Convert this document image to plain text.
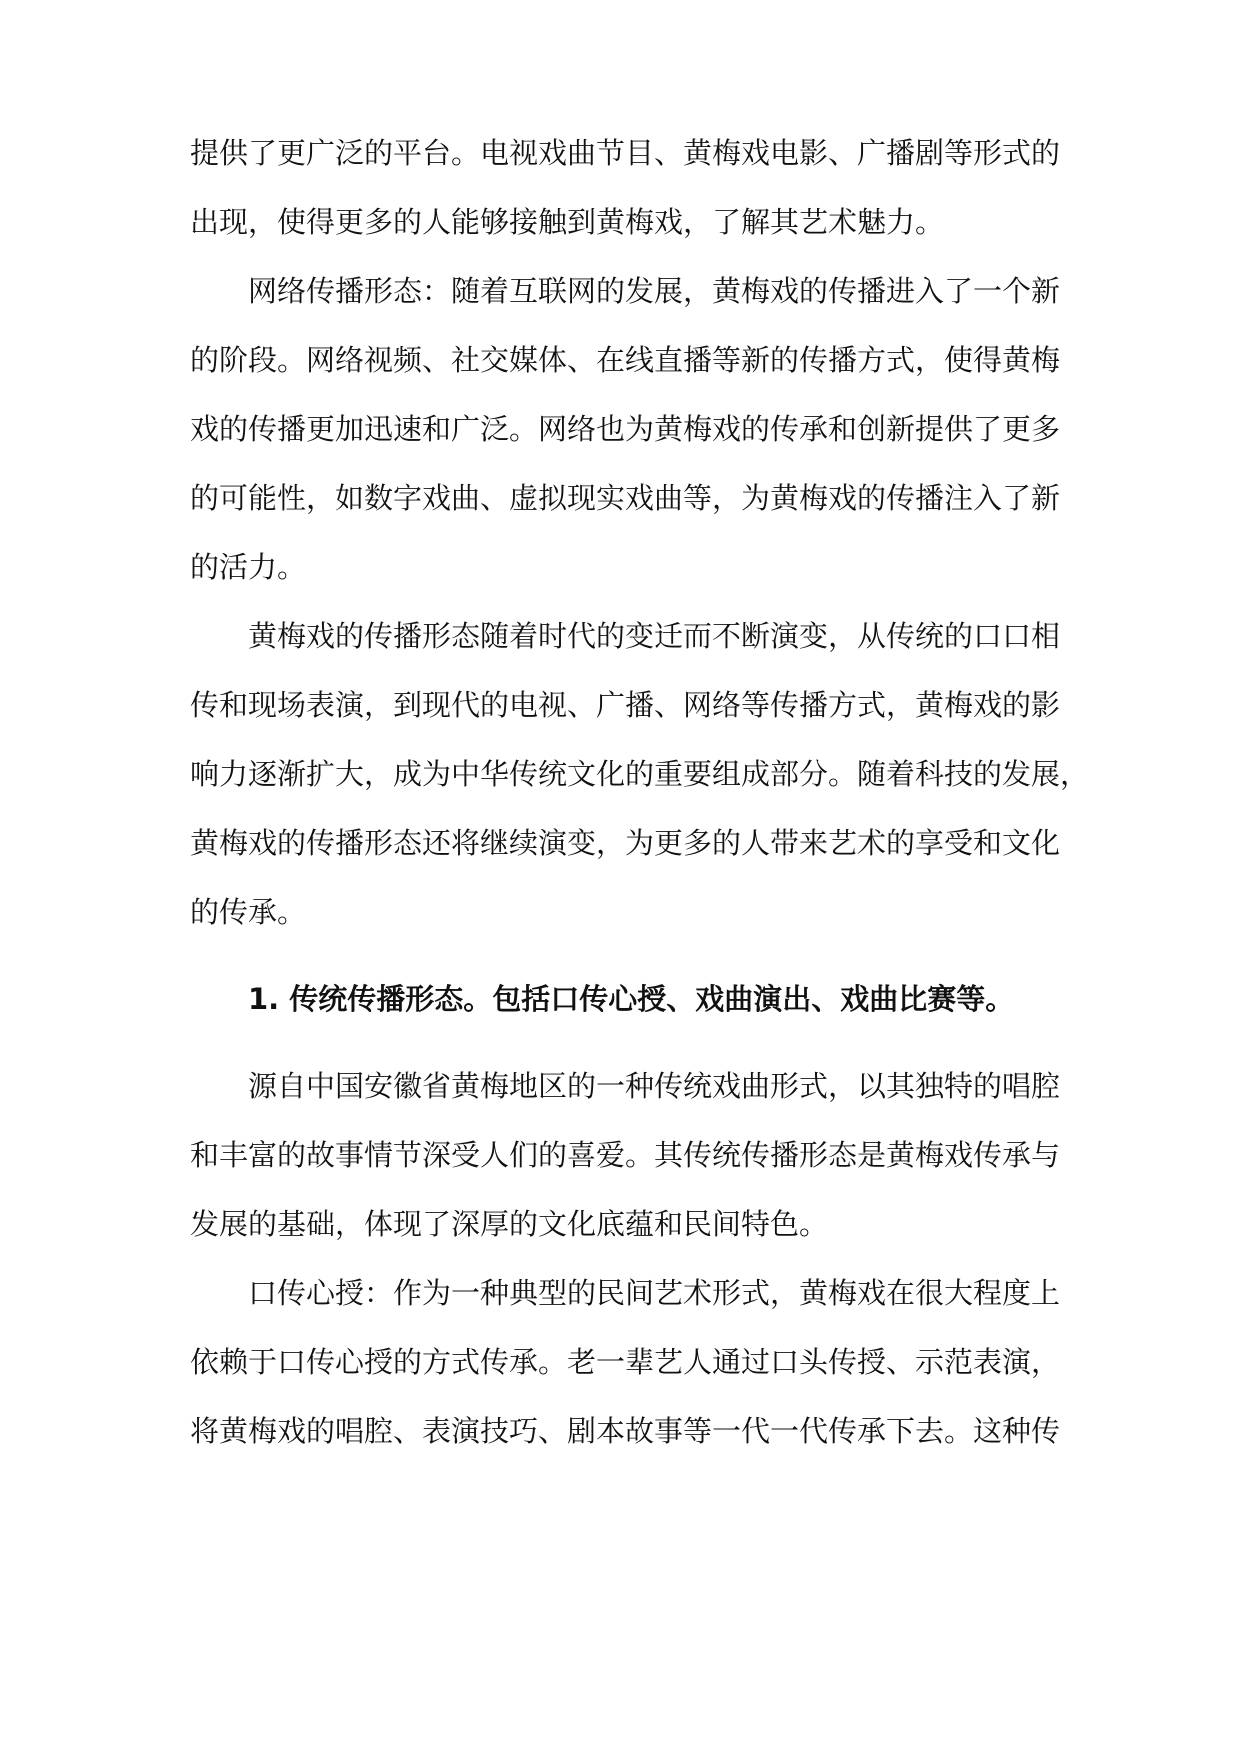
提供了更广泛的平台。电视戏曲节目、黄梅戏电影、广播剧等形式的
出现，使得更多的人能够接触到黄梅戏，了解其艺术魅力。
网络传播形态：随着互联网的发展，黄梅戏的传播进入了一个新
的阶段。网络视频、社交媒体、在线直播等新的传播方式，使得黄梅
戏的传播更加迅速和广泛。网络也为黄梅戏的传承和创新提供了更多
的可能性，如数字戏曲、虚拟现实戏曲等，为黄梅戏的传播注入了新
的活力。
黄梅戏的传播形态随着时代的变迁而不断演变，从传统的口口相
传和现场表演，到现代的电视、广播、网络等传播方式，黄梅戏的影
响力逐渐扩大，成为中华传统文化的重要组成部分。随着科技的发展，
黄梅戏的传播形态还将继续演变，为更多的人带来艺术的享受和文化
的传承。
1. 传统传播形态。包括口传心授、戏曲演出、戏曲比赛等。
源自中国安徽省黄梅地区的一种传统戏曲形式，以其独特的唱腔
和丰富的故事情节深受人们的喜爱。其传统传播形态是黄梅戏传承与
发展的基础，体现了深厚的文化底蕴和民间特色。
口传心授：作为一种典型的民间艺术形式，黄梅戏在很大程度上
依赖于口传心授的方式传承。老一辈艺人通过口头传授、示范表演，
将黄梅戏的唱腔、表演技巧、剧本故事等一代一代传承下去。这种传
